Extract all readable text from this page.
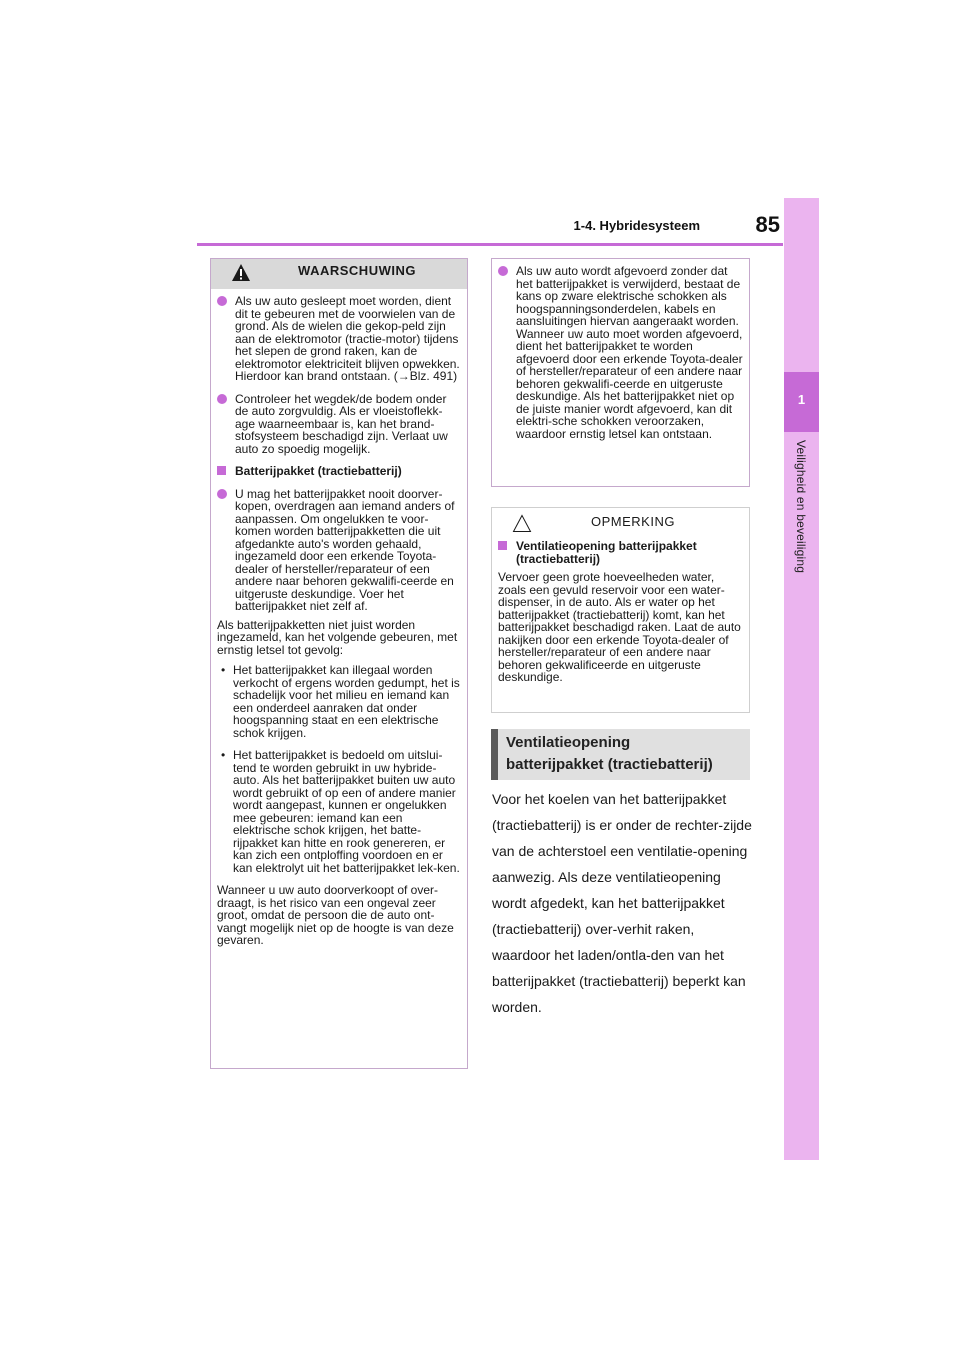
85
1-4. Hybridesysteem
1
Veiligheid en beveiliging
WAARSCHUWING
Als uw auto gesleept moet worden, dient dit te gebeuren met de voorwielen van de grond. Als de wielen die gekop-peld zijn aan de elektromotor (tractie-motor) tijdens het slepen de grond raken, kan de elektromotor elektriciteit blijven opwekken. Hierdoor kan brand ontstaan. (→Blz. 491)
Controleer het wegdek/de bodem onder de auto zorgvuldig. Als er vloeistoflekk-age waarneembaar is, kan het brand-stofsysteem beschadigd zijn. Verlaat uw auto zo spoedig mogelijk.
Batterijpakket (tractiebatterij)
U mag het batterijpakket nooit doorver-kopen, overdragen aan iemand anders of aanpassen. Om ongelukken te voor-komen worden batterijpakketten die uit afgedankte auto's worden gehaald, ingezameld door een erkende Toyota-dealer of hersteller/reparateur of een andere naar behoren gekwalifi-ceerde en uitgeruste deskundige. Voer het batterijpakket niet zelf af.
Als batterijpakketten niet juist worden ingezameld, kan het volgende gebeuren, met ernstig letsel tot gevolg:
• Het batterijpakket kan illegaal worden verkocht of ergens worden gedumpt, het is schadelijk voor het milieu en iemand kan een onderdeel aanraken dat onder hoogspanning staat en een elektrische schok krijgen.
• Het batterijpakket is bedoeld om uitslui-tend te worden gebruikt in uw hybride-auto. Als het batterijpakket buiten uw auto wordt gebruikt of op een of andere manier wordt aangepast, kunnen er ongelukken mee gebeuren: iemand kan een elektrische schok krijgen, het batte-rijpakket kan hitte en rook genereren, er kan zich een ontploffing voordoen en er kan elektrolyt uit het batterijpakket lek-ken.
Wanneer u uw auto doorverkoopt of over-draagt, is het risico van een ongeval zeer groot, omdat de persoon die de auto ont-vangt mogelijk niet op de hoogte is van deze gevaren.
Als uw auto wordt afgevoerd zonder dat het batterijpakket is verwijderd, bestaat de kans op zware elektrische schokken als hoogspanningsonderdelen, kabels en aansluitingen hiervan aangeraakt worden. Wanneer uw auto moet worden afgevoerd, dient het batterijpakket te worden afgevoerd door een erkende Toyota-dealer of hersteller/reparateur of een andere naar behoren gekwalifi-ceerde en uitgeruste deskundige. Als het batterijpakket niet op de juiste manier wordt afgevoerd, kan dit elektri-sche schokken veroorzaken, waardoor ernstig letsel kan ontstaan.
OPMERKING
Ventilatieopening batterijpakket (tractiebatterij)
Vervoer geen grote hoeveelheden water, zoals een gevuld reservoir voor een water-dispenser, in de auto. Als er water op het batterijpakket (tractiebatterij) komt, kan het batterijpakket beschadigd raken. Laat de auto nakijken door een erkende Toyota-dealer of hersteller/reparateur of een andere naar behoren gekwalificeerde en uitgeruste deskundige.
Ventilatieopening
batterijpakket (tractiebatterij)

Voor het koelen van het batterijpakket (tractiebatterij) is er onder de rechter-zijde van de achterstoel een ventilatie-opening aanwezig. Als deze ventilatieopening wordt afgedekt, kan het batterijpakket (tractiebatterij) over-verhit raken, waardoor het laden/ontla-den van het batterijpakket (tractiebatterij) beperkt kan worden.
